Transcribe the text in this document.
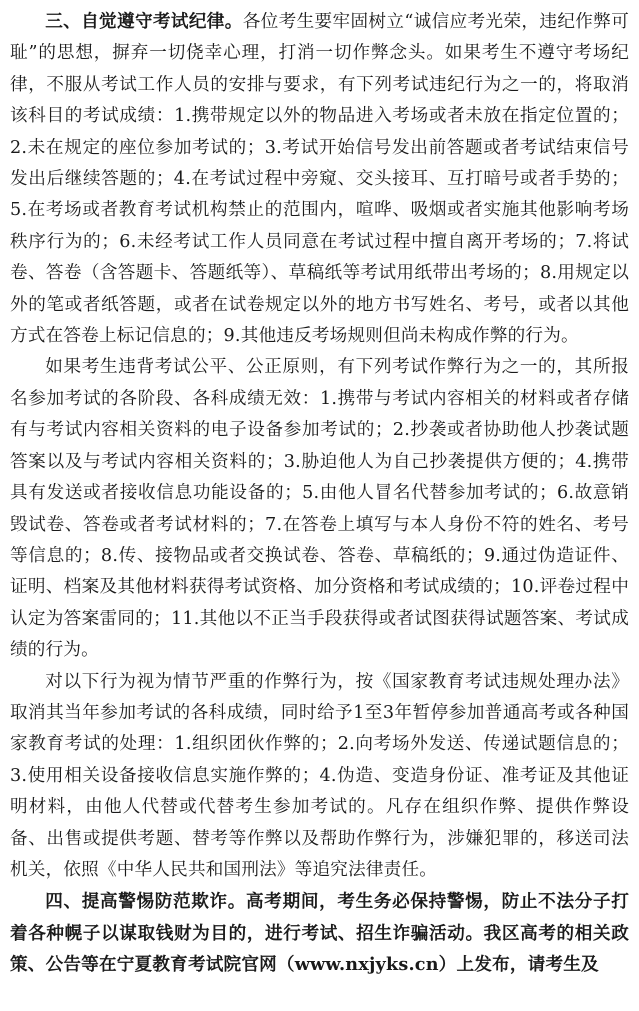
三、自觉遵守考试纪律。各位考生要牢固树立“诚信应考光荣，违纪作弊可耻”的思想，摒弃一切侥幸心理，打消一切作弊念头。如果考生不遵守考场纪律，不服从考试工作人员的安排与要求，有下列考试违纪行为之一的，将取消该科目的考试成绩：1.携带规定以外的物品进入考场或者未放在指定位置的；2.未在规定的座位参加考试的；3.考试开始信号发出前答题或者考试结束信号发出后继续答题的；4.在考试过程中旁窥、交头接耳、互打暗号或者手势的；5.在考场或者教育考试机构禁止的范围内，喧哗、吸烟或者实施其他影响考场秩序行为的；6.未经考试工作人员同意在考试过程中擅自离开考场的；7.将试卷、答卷（含答题卡、答题纸等）、草稿纸等考试用纸带出考场的；8.用规定以外的笔或者纸答题，或者在试卷规定以外的地方书写姓名、考号，或者以其他方式在答卷上标记信息的；9.其他违反考场规则但尚未构成作弊的行为。

如果考生违背考试公平、公正原则，有下列考试作弊行为之一的，其所报名参加考试的各阶段、各科成绩无效：1.携带与考试内容相关的材料或者存储有与考试内容相关资料的电子设备参加考试的；2.抄袭或者协助他人抄袭试题答案以及与考试内容相关资料的；3.胁迫他人为自己抄袭提供方便的；4.携带具有发送或者接收信息功能设备的；5.由他人冒名代替参加考试的；6.故意销毁试卷、答卷或者考试材料的；7.在答卷上填写与本人身份不符的姓名、考号等信息的；8.传、接物品或者交换试卷、答卷、草稿纸的；9.通过伪造证件、证明、档案及其他材料获得考试资格、加分资格和考试成绩的；10.评卷过程中认定为答案雷同的；11.其他以不正当手段获得或者试图获得试题答案、考试成绩的行为。

对以下行为视为情节严重的作弊行为，按《国家教育考试违规处理办法》取消其当年参加考试的各科成绩，同时给予1至3年暂停参加普通高考或各种国家教育考试的处理：1.组织团伙作弊的；2.向考场外发送、传递试题信息的；3.使用相关设备接收信息实施作弊的；4.伪造、变造身份证、准考证及其他证明材料，由他人代替或代替考生参加考试的。凡存在组织作弊、提供作弊设备、出售或提供考题、替考等作弊以及帮助作弊行为，涉嫌犯罪的，移送司法机关，依照《中华人民共和国刑法》等追究法律责任。

四、提高警惕防范欺诈。高考期间，考生务必保持警惕，防止不法分子打着各种幌子以谋取钱财为目的，进行考试、招生诈骗活动。我区高考的相关政策、公告等在宁夏教育考试院官网（www.nxjyks.cn）上发布，请考生及
